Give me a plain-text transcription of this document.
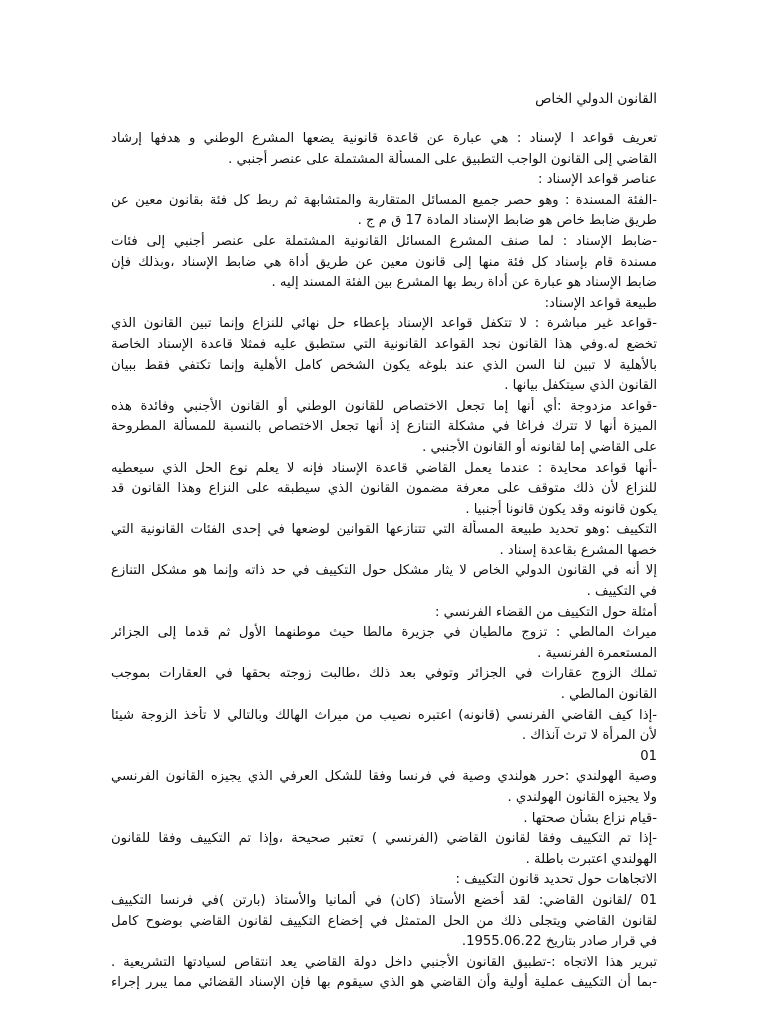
القانون الدولي الخاص
تعريف قواعد ا لإسناد : هي عبارة عن قاعدة قانونية يضعها المشرع الوطني و هدفها إرشاد
القاضي إلى القانون الواجب التطبيق على المسألة المشتملة على عنصر أجنبي .
عناصر قواعد الإسناد :
-الفئة المسندة : وهو حصر جميع المسائل المتقاربة والمتشابهة ثم ربط كل فئة بقانون معين عن
طريق ضابط خاص هو ضابط الإسناد المادة 17 ق م ج .
-ضابط الإسناد : لما صنف المشرع المسائل القانونية المشتملة على عنصر أجنبي إلى فئات
مسندة قام بإسناد كل فئة منها إلى قانون معين عن طريق أداة هي ضابط الإسناد ،وبذلك فإن
ضابط الإسناد هو عبارة عن أداة ربط بها المشرع بين الفئة المسند إليه .
طبيعة قواعد الإسناد:
-قواعد غير مباشرة : لا تتكفل قواعد الإسناد بإعطاء حل نهائي للنزاع وإنما تبين القانون الذي
تخضع له.وفي هذا القانون نجد القواعد القانونية التي ستطبق عليه فمثلا قاعدة الإسناد الخاصة
بالأهلية لا تبين لنا السن الذي عند بلوغه يكون الشخص كامل الأهلية وإنما تكتفي فقط ببيان
القانون الذي سيتكفل بيانها .
-قواعد مزدوجة :أي أنها إما تجعل الاختصاص للقانون الوطني أو القانون الأجنبي وفائدة هذه
الميزة أنها لا تترك فراغا في مشكلة التنازع إذ أنها تجعل الاختصاص بالنسبة للمسألة المطروحة
على القاضي إما لقانونه أو القانون الأجنبي .
-أنها قواعد محايدة : عندما يعمل القاضي قاعدة الإسناد فإنه لا يعلم نوع الحل الذي سيعطيه
للنزاع لأن ذلك متوقف على معرفة مضمون القانون الذي سيطبقه على النزاع وهذا القانون قد
يكون قانونه وقد يكون قانونا أجنبيا .
التكييف :وهو تحديد طبيعة المسألة التي تتنازعها القوانين لوضعها في إحدى الفئات القانونية التي
خصها المشرع بقاعدة إسناد .
إلا أنه في القانون الدولي الخاص لا يثار مشكل حول التكييف في حد ذاته وإنما هو مشكل التنازع
في التكييف .
أمثلة حول التكييف من القضاء الفرنسي :
ميراث المالطي : تزوج مالطيان في جزيرة مالطا حيث موطنهما الأول ثم قدما إلى الجزائر
المستعمرة الفرنسية .
تملك الزوج عقارات في الجزائر وتوفي بعد ذلك ،طالبت زوجته بحقها في العقارات بموجب
القانون المالطي .
-إذا كيف القاضي الفرنسي (قانونه) اعتبره نصيب من ميراث الهالك وبالتالي لا تأخذ الزوجة شيئا
لأن المرأة لا ترث آنذاك .
01
وصية الهولندي :حرر هولندي وصية في فرنسا وفقا للشكل العرفي الذي يجيزه القانون الفرنسي
ولا يجيزه القانون الهولندي .
-قيام نزاع بشأن صحتها .
-إذا تم التكييف وفقا لقانون القاضي (الفرنسي ) تعتبر صحيحة ،وإذا تم التكييف وفقا للقانون
الهولندي اعتبرت باطلة .
الاتجاهات حول تحديد قانون التكييف :
01 /لقانون القاضي: لقد أخضع الأستاذ (كان) في ألمانيا والأستاذ (بارتن )في فرنسا التكييف
لقانون القاضي ويتجلى ذلك من الحل المتمثل في إخضاع التكييف لقانون القاضي بوضوح كامل
في قرار صادر بتاريخ 1955.06.22.
تبرير هذا الاتجاه :-تطبيق القانون الأجنبي داخل دولة القاضي يعد انتقاص لسيادتها التشريعية .
-بما أن التكييف عملية أولية وأن القاضي هو الذي سيقوم بها فإن الإسناد القضائي مما يبرر إجراء
